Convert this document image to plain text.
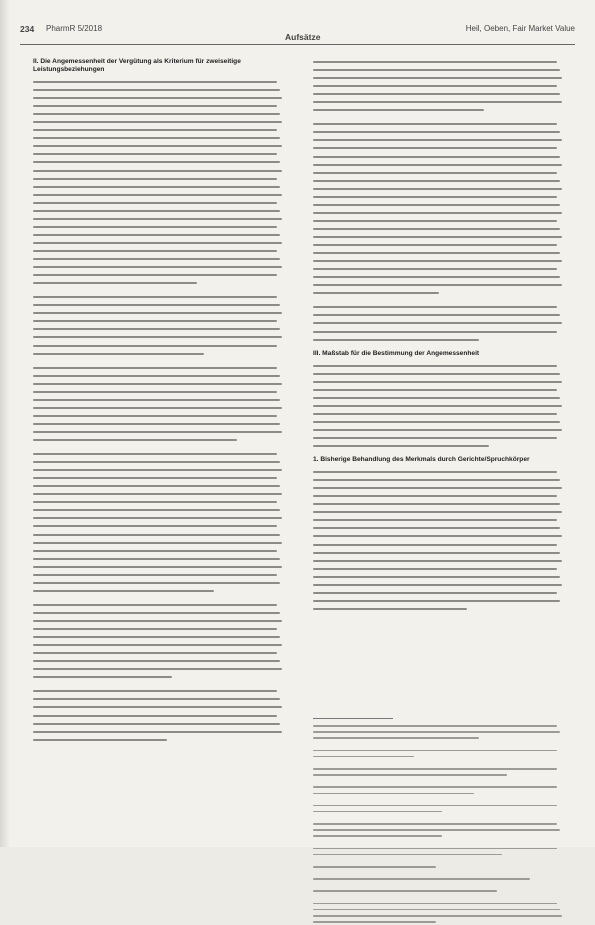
234 PharmR 5/2018
Aufsätze
Heil, Oeben, Fair Market Value
II. Die Angemessenheit der Vergütung als Kriterium für zweiseitige Leistungsbeziehungen
III. Maßstab für die Bestimmung der Angemessenheit
1. Bisherige Behandlung des Merkmals durch Gerichte/Spruchkörper
